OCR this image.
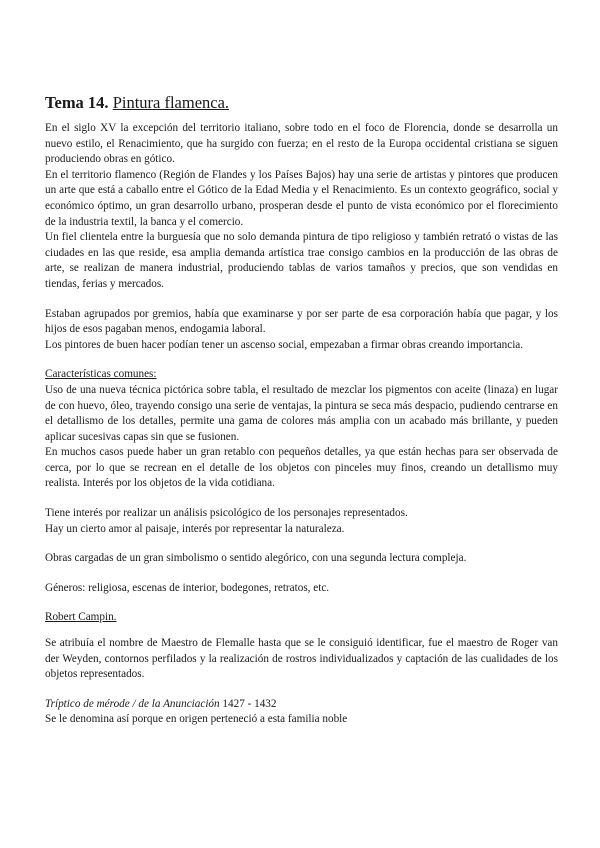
Tema 14. Pintura flamenca.

En el siglo XV la excepción del territorio italiano, sobre todo en el foco de Florencia, donde se desarrolla un nuevo estilo, el Renacimiento, que ha surgido con fuerza; en el resto de la Europa occidental cristiana se siguen produciendo obras en gótico.

En el territorio flamenco (Región de Flandes y los Países Bajos) hay una serie de artistas y pintores que producen un arte que está a caballo entre el Gótico de la Edad Media y el Renacimiento. Es un contexto geográfico, social y económico óptimo, un gran desarrollo urbano, prosperan desde el punto de vista económico por el florecimiento de la industria textil, la banca y el comercio.

Un fiel clientela entre la burguesía que no solo demanda pintura de tipo religioso y también retrató o vistas de las ciudades en las que reside, esa amplia demanda artística trae consigo cambios en la producción de las obras de arte, se realizan de manera industrial, produciendo tablas de varios tamaños y precios, que son vendidas en tiendas, ferias y mercados.

Estaban agrupados por gremios, había que examinarse y por ser parte de esa corporación había que pagar, y los hijos de esos pagaban menos, endogamia laboral.

Los pintores de buen hacer podían tener un ascenso social, empezaban a firmar obras creando importancia.

Características comunes:

Uso de una nueva técnica pictórica sobre tabla, el resultado de mezclar los pigmentos con aceite (linaza) en lugar de con huevo, óleo, trayendo consigo una serie de ventajas, la pintura se seca más despacio, pudiendo centrarse en el detallismo de los detalles, permite una gama de colores más amplia con un acabado más brillante, y pueden aplicar sucesivas capas sin que se fusionen.

En muchos casos puede haber un gran retablo con pequeños detalles, ya que están hechas para ser observada de cerca, por lo que se recrean en el detalle de los objetos con pinceles muy finos, creando un detallismo muy realista. Interés por los objetos de la vida cotidiana.

Tiene interés por realizar un análisis psicológico de los personajes representados.

Hay un cierto amor al paisaje, interés por representar la naturaleza.

Obras cargadas de un gran simbolismo o sentido alegórico, con una segunda lectura compleja.

Géneros: religiosa, escenas de interior, bodegones, retratos, etc.

Robert Campin.

Se atribuía el nombre de Maestro de Flemalle hasta que se le consiguió identificar, fue el maestro de Roger van der Weyden, contornos perfilados y la realización de rostros individualizados y captación de las cualidades de los objetos representados.

Tríptico de mérode / de la Anunciación 1427 - 1432

Se le denomina así porque en origen perteneció a esta familia noble
